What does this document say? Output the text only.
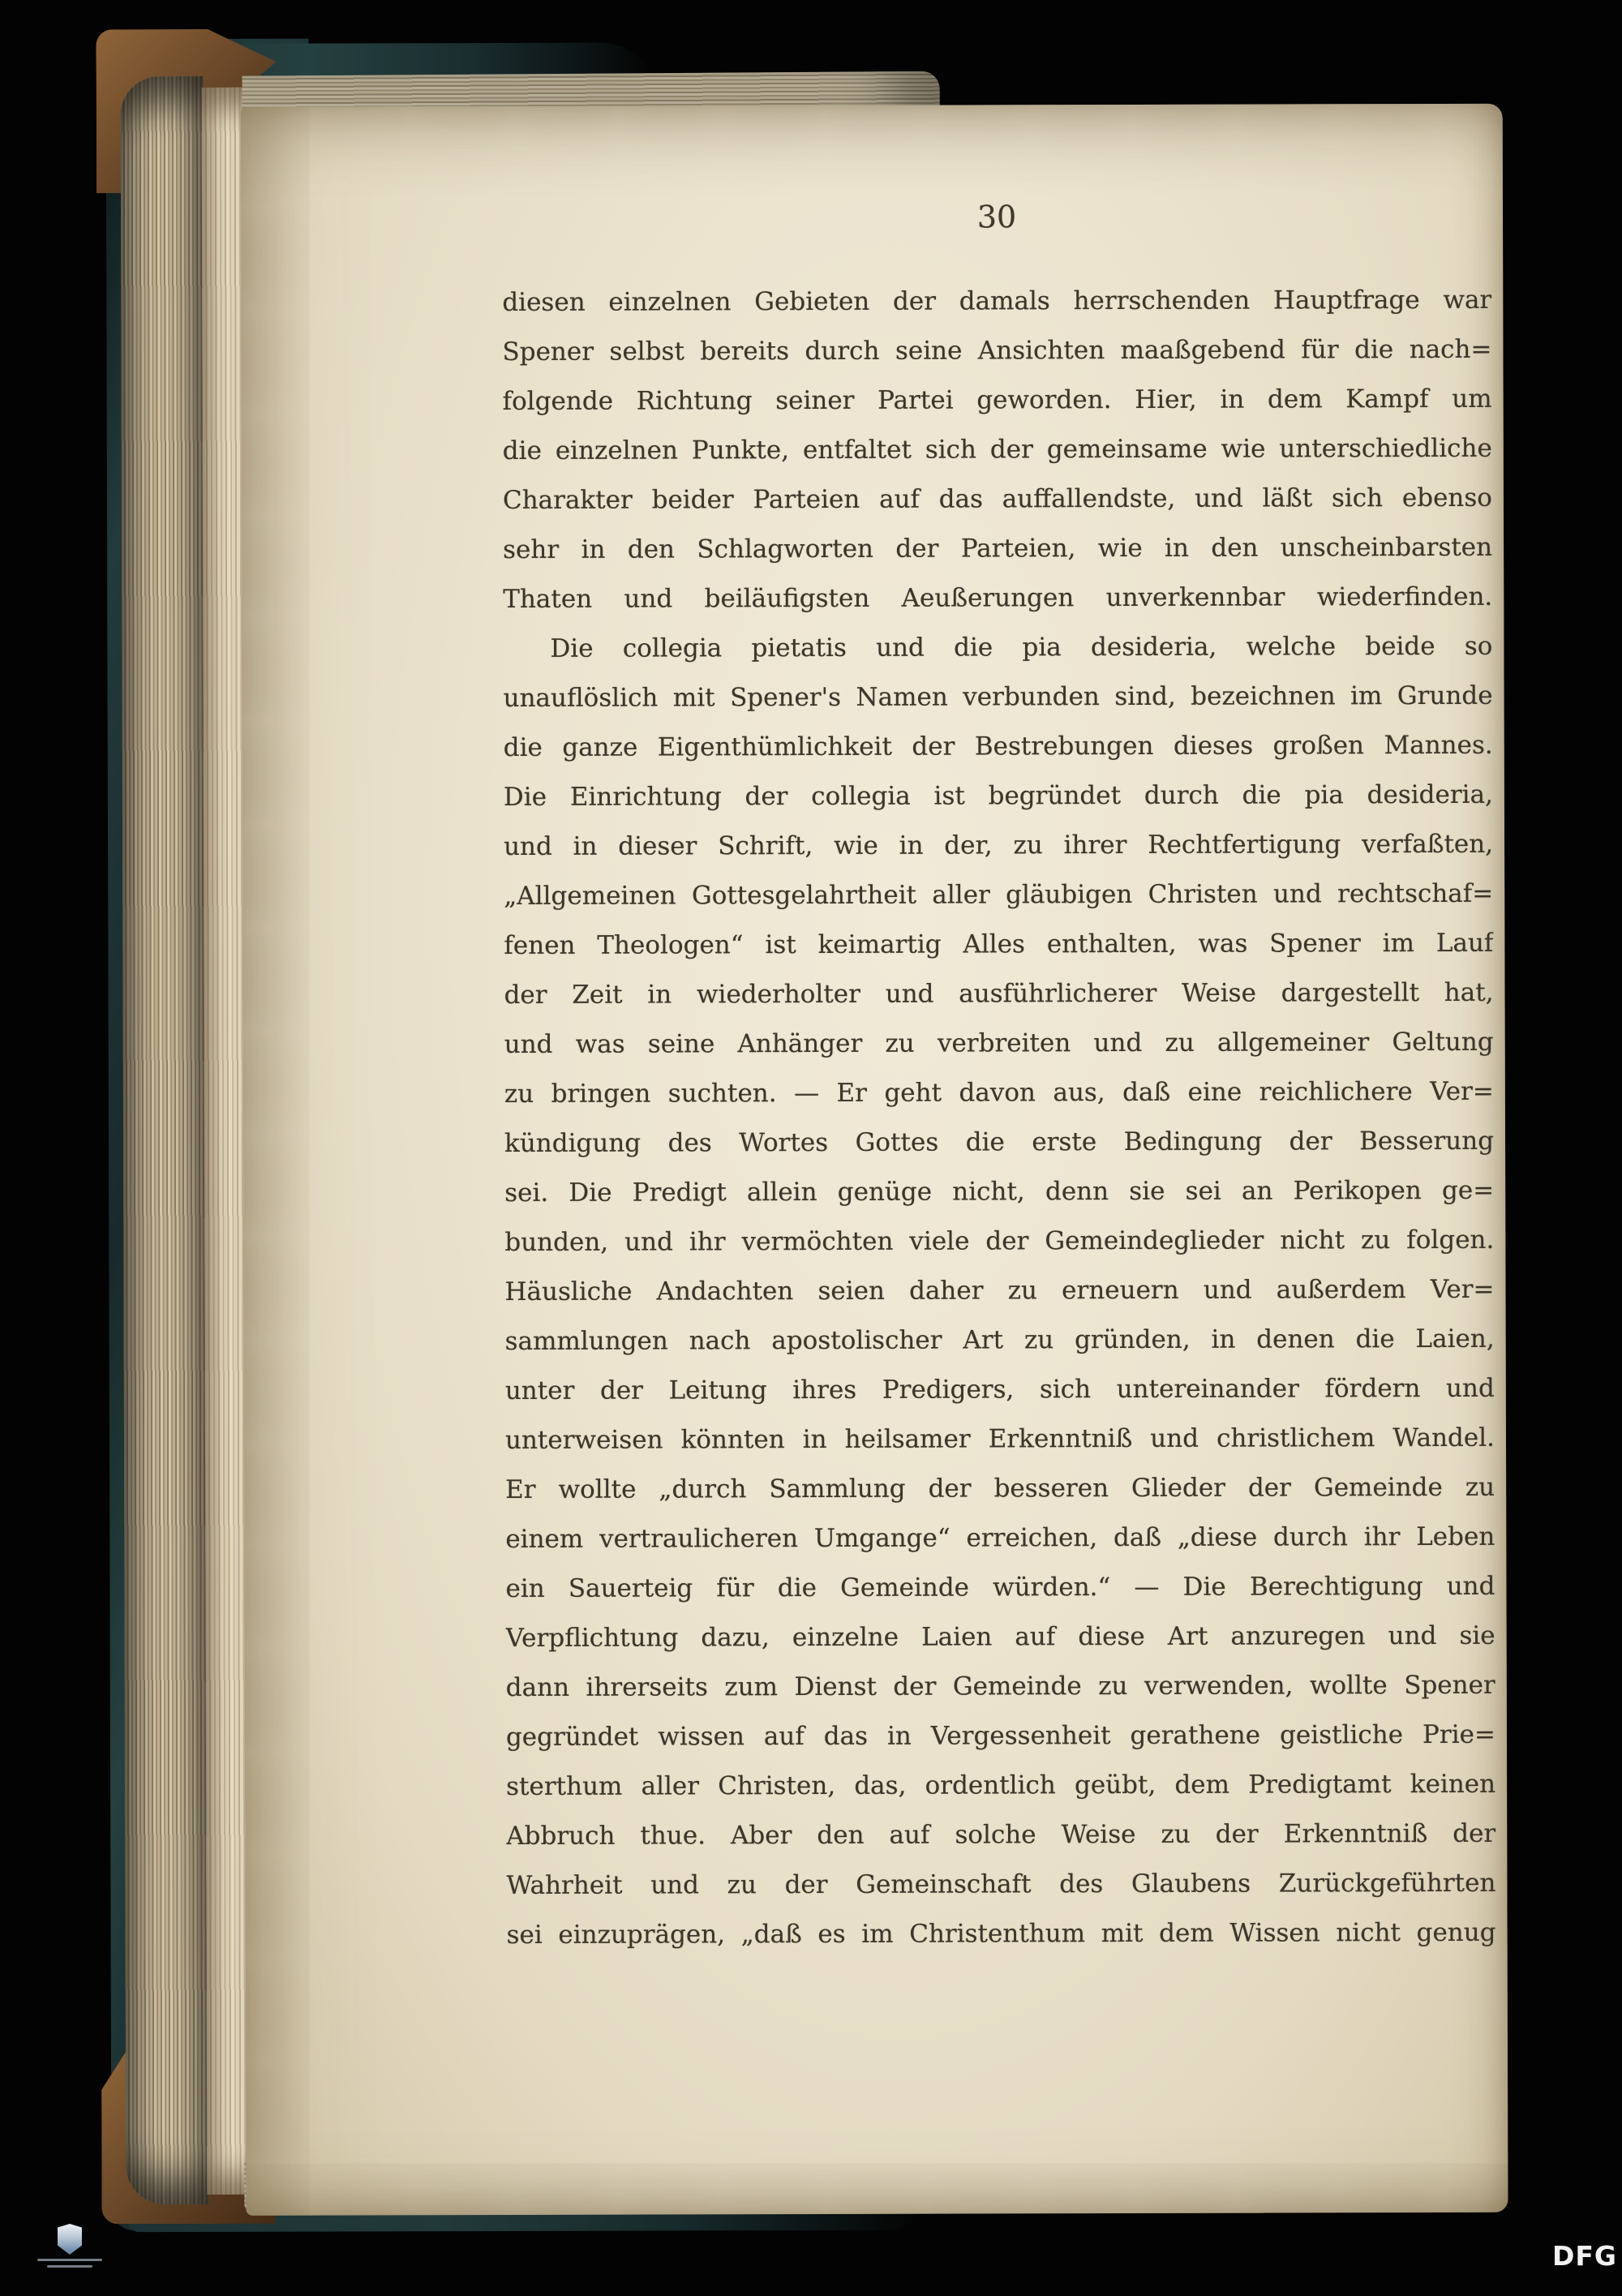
30
diesen einzelnen Gebieten der damals herrschenden Hauptfrage war
Spener selbst bereits durch seine Ansichten maaßgebend für die nach=
folgende Richtung seiner Partei geworden. Hier, in dem Kampf um
die einzelnen Punkte, entfaltet sich der gemeinsame wie unterschiedliche
Charakter beider Parteien auf das auffallendste, und läßt sich ebenso
sehr in den Schlagworten der Parteien, wie in den unscheinbarsten
Thaten und beiläufigsten Aeußerungen unverkennbar wiederfinden.
Die collegia pietatis und die pia desideria, welche beide so
unauflöslich mit Spener's Namen verbunden sind, bezeichnen im Grunde
die ganze Eigenthümlichkeit der Bestrebungen dieses großen Mannes.
Die Einrichtung der collegia ist begründet durch die pia desideria,
und in dieser Schrift, wie in der, zu ihrer Rechtfertigung verfaßten,
„Allgemeinen Gottesgelahrtheit aller gläubigen Christen und rechtschaf=
fenen Theologen“ ist keimartig Alles enthalten, was Spener im Lauf
der Zeit in wiederholter und ausführlicherer Weise dargestellt hat,
und was seine Anhänger zu verbreiten und zu allgemeiner Geltung
zu bringen suchten. — Er geht davon aus, daß eine reichlichere Ver=
kündigung des Wortes Gottes die erste Bedingung der Besserung
sei. Die Predigt allein genüge nicht, denn sie sei an Perikopen ge=
bunden, und ihr vermöchten viele der Gemeindeglieder nicht zu folgen.
Häusliche Andachten seien daher zu erneuern und außerdem Ver=
sammlungen nach apostolischer Art zu gründen, in denen die Laien,
unter der Leitung ihres Predigers, sich untereinander fördern und
unterweisen könnten in heilsamer Erkenntniß und christlichem Wandel.
Er wollte „durch Sammlung der besseren Glieder der Gemeinde zu
einem vertraulicheren Umgange“ erreichen, daß „diese durch ihr Leben
ein Sauerteig für die Gemeinde würden.“ — Die Berechtigung und
Verpflichtung dazu, einzelne Laien auf diese Art anzuregen und sie
dann ihrerseits zum Dienst der Gemeinde zu verwenden, wollte Spener
gegründet wissen auf das in Vergessenheit gerathene geistliche Prie=
sterthum aller Christen, das, ordentlich geübt, dem Predigtamt keinen
Abbruch thue. Aber den auf solche Weise zu der Erkenntniß der
Wahrheit und zu der Gemeinschaft des Glaubens Zurückgeführten
sei einzuprägen, „daß es im Christenthum mit dem Wissen nicht genug
DFG
